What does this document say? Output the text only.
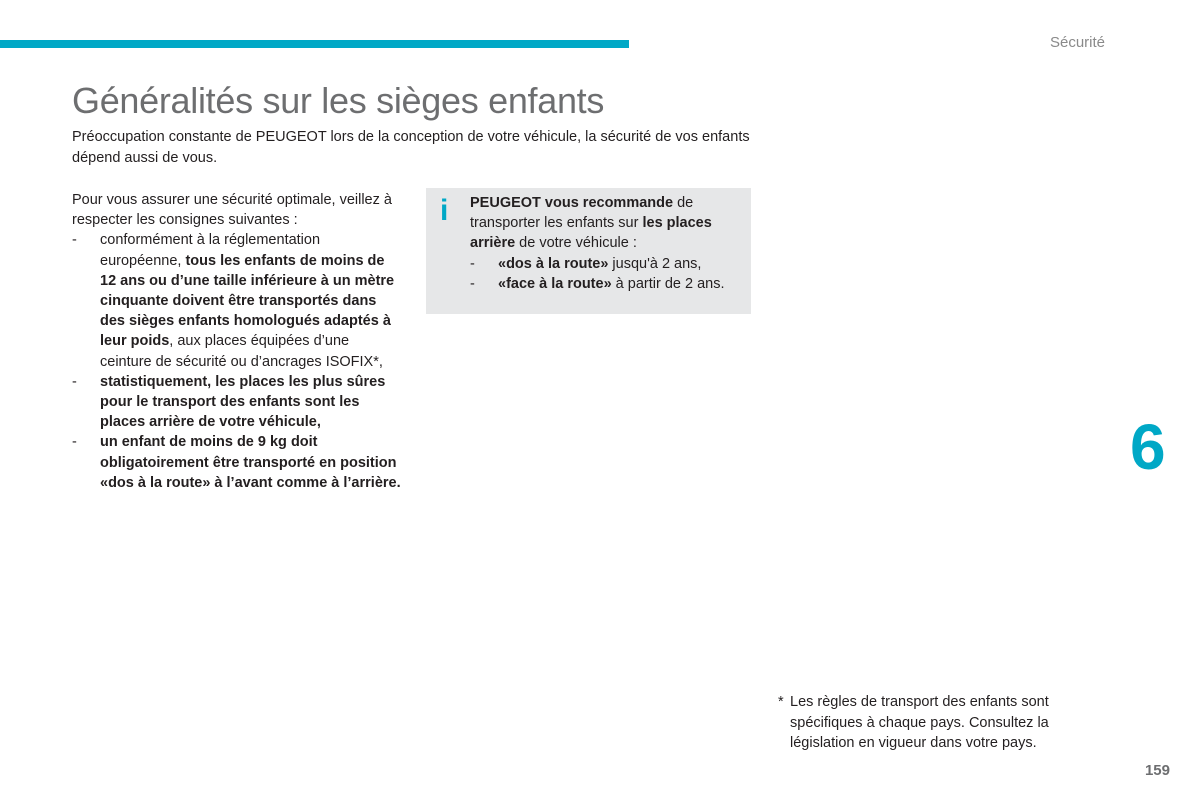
Sécurité
Généralités sur les sièges enfants

Préoccupation constante de PEUGEOT lors de la conception de votre véhicule, la sécurité de vos enfants dépend aussi de vous.

Pour vous assurer une sécurité optimale, veillez à respecter les consignes suivantes :

- conformément à la réglementation européenne, tous les enfants de moins de 12 ans ou d’une taille inférieure à un mètre cinquante doivent être transportés dans des sièges enfants homologués adaptés à leur poids, aux places équipées d’une ceinture de sécurité ou d’ancrages ISOFIX*,
- statistiquement, les places les plus sûres pour le transport des enfants sont les places arrière de votre véhicule,
- un enfant de moins de 9 kg doit obligatoirement être transporté en position «dos à la route» à l’avant comme à l’arrière.
i PEUGEOT vous recommande de transporter les enfants sur les places arrière de votre véhicule :
- «dos à la route» jusqu'à 2 ans,
- «face à la route» à partir de 2 ans.
6

* Les règles de transport des enfants sont spécifiques à chaque pays. Consultez la législation en vigueur dans votre pays.

159
